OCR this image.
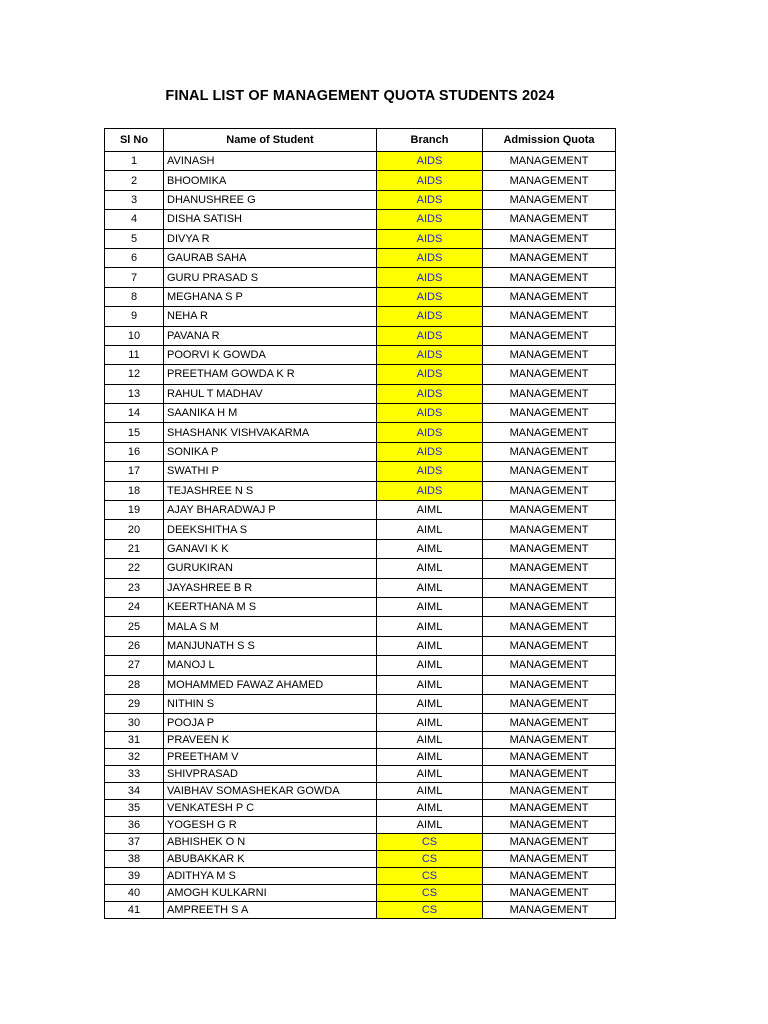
FINAL LIST OF MANAGEMENT QUOTA STUDENTS 2024
Sl No	Name of Student	Branch	Admission Quota
1	AVINASH	AIDS	MANAGEMENT
2	BHOOMIKA	AIDS	MANAGEMENT
3	DHANUSHREE G	AIDS	MANAGEMENT
4	DISHA SATISH	AIDS	MANAGEMENT
5	DIVYA R	AIDS	MANAGEMENT
6	GAURAB SAHA	AIDS	MANAGEMENT
7	GURU PRASAD S	AIDS	MANAGEMENT
8	MEGHANA S P	AIDS	MANAGEMENT
9	NEHA R	AIDS	MANAGEMENT
10	PAVANA R	AIDS	MANAGEMENT
11	POORVI K GOWDA	AIDS	MANAGEMENT
12	PREETHAM GOWDA K R	AIDS	MANAGEMENT
13	RAHUL T MADHAV	AIDS	MANAGEMENT
14	SAANIKA H M	AIDS	MANAGEMENT
15	SHASHANK VISHVAKARMA	AIDS	MANAGEMENT
16	SONIKA P	AIDS	MANAGEMENT
17	SWATHI P	AIDS	MANAGEMENT
18	TEJASHREE N S	AIDS	MANAGEMENT
19	AJAY BHARADWAJ P	AIML	MANAGEMENT
20	DEEKSHITHA S	AIML	MANAGEMENT
21	GANAVI K K	AIML	MANAGEMENT
22	GURUKIRAN	AIML	MANAGEMENT
23	JAYASHREE B R	AIML	MANAGEMENT
24	KEERTHANA M S	AIML	MANAGEMENT
25	MALA S M	AIML	MANAGEMENT
26	MANJUNATH S S	AIML	MANAGEMENT
27	MANOJ L	AIML	MANAGEMENT
28	MOHAMMED FAWAZ AHAMED	AIML	MANAGEMENT
29	NITHIN S	AIML	MANAGEMENT
30	POOJA P	AIML	MANAGEMENT
31	PRAVEEN K	AIML	MANAGEMENT
32	PREETHAM V	AIML	MANAGEMENT
33	SHIVPRASAD	AIML	MANAGEMENT
34	VAIBHAV SOMASHEKAR GOWDA	AIML	MANAGEMENT
35	VENKATESH P C	AIML	MANAGEMENT
36	YOGESH G R	AIML	MANAGEMENT
37	ABHISHEK O N	CS	MANAGEMENT
38	ABUBAKKAR K	CS	MANAGEMENT
39	ADITHYA M S	CS	MANAGEMENT
40	AMOGH KULKARNI	CS	MANAGEMENT
41	AMPREETH S A	CS	MANAGEMENT
